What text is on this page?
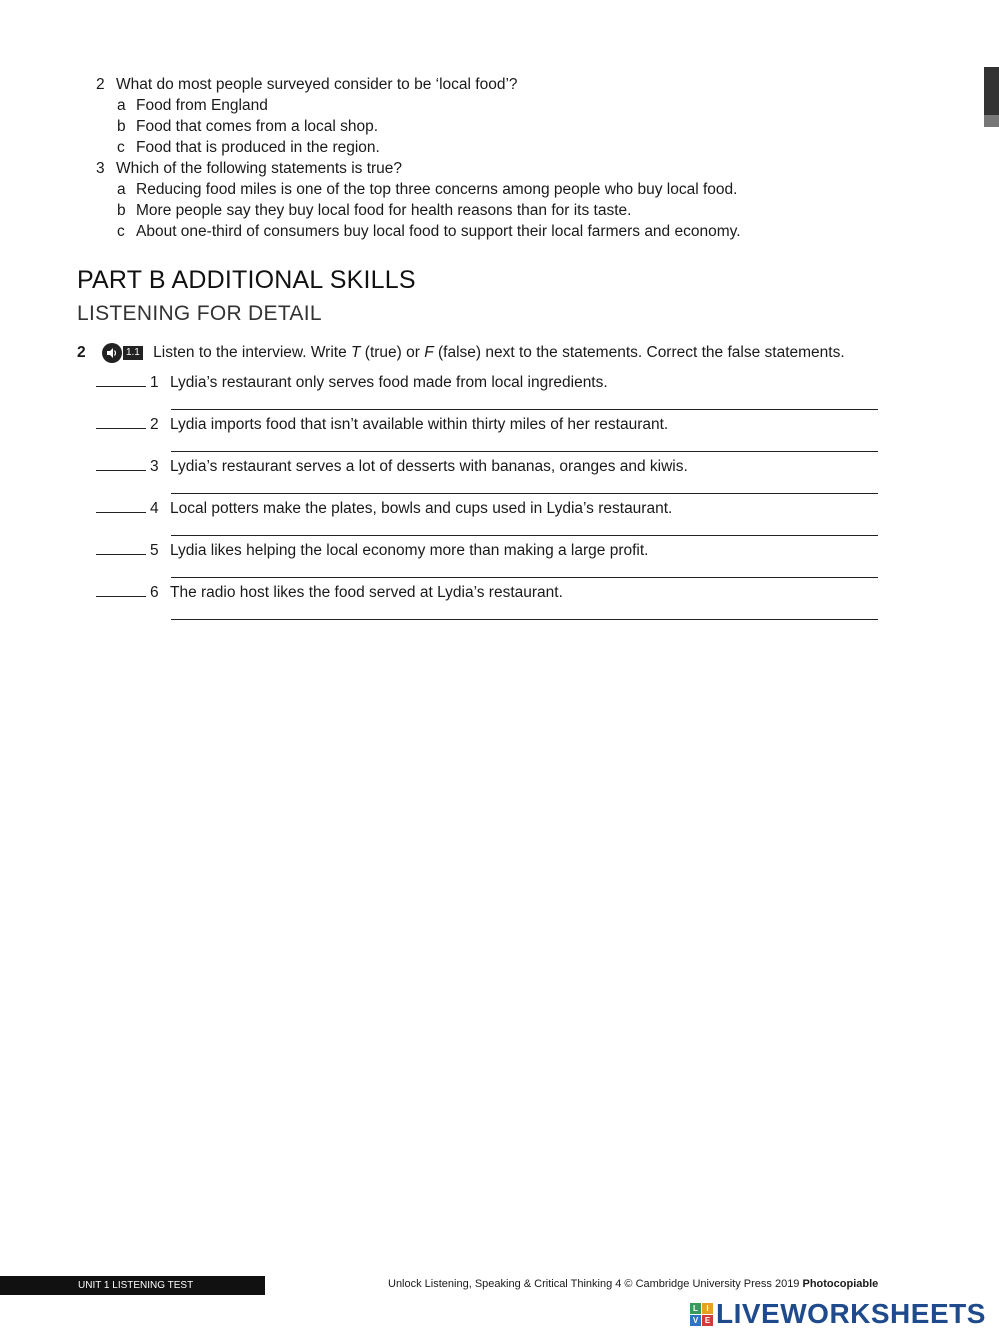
2 What do most people surveyed consider to be ‘local food’?
a Food from England
b Food that comes from a local shop.
c Food that is produced in the region.
3 Which of the following statements is true?
a Reducing food miles is one of the top three concerns among people who buy local food.
b More people say they buy local food for health reasons than for its taste.
c About one-third of consumers buy local food to support their local farmers and economy.
PART B ADDITIONAL SKILLS
LISTENING FOR DETAIL
2	1.1 Listen to the interview. Write T (true) or F (false) next to the statements. Correct the false statements.
1 Lydia’s restaurant only serves food made from local ingredients.
2 Lydia imports food that isn’t available within thirty miles of her restaurant.
3 Lydia’s restaurant serves a lot of desserts with bananas, oranges and kiwis.
4 Local potters make the plates, bowls and cups used in Lydia’s restaurant.
5 Lydia likes helping the local economy more than making a large profit.
6 The radio host likes the food served at Lydia’s restaurant.
UNIT 1 LISTENING TEST	Unlock Listening, Speaking & Critical Thinking 4 © Cambridge University Press 2019 Photocopiable
L	I
V E LIVEWORKSHEETS
